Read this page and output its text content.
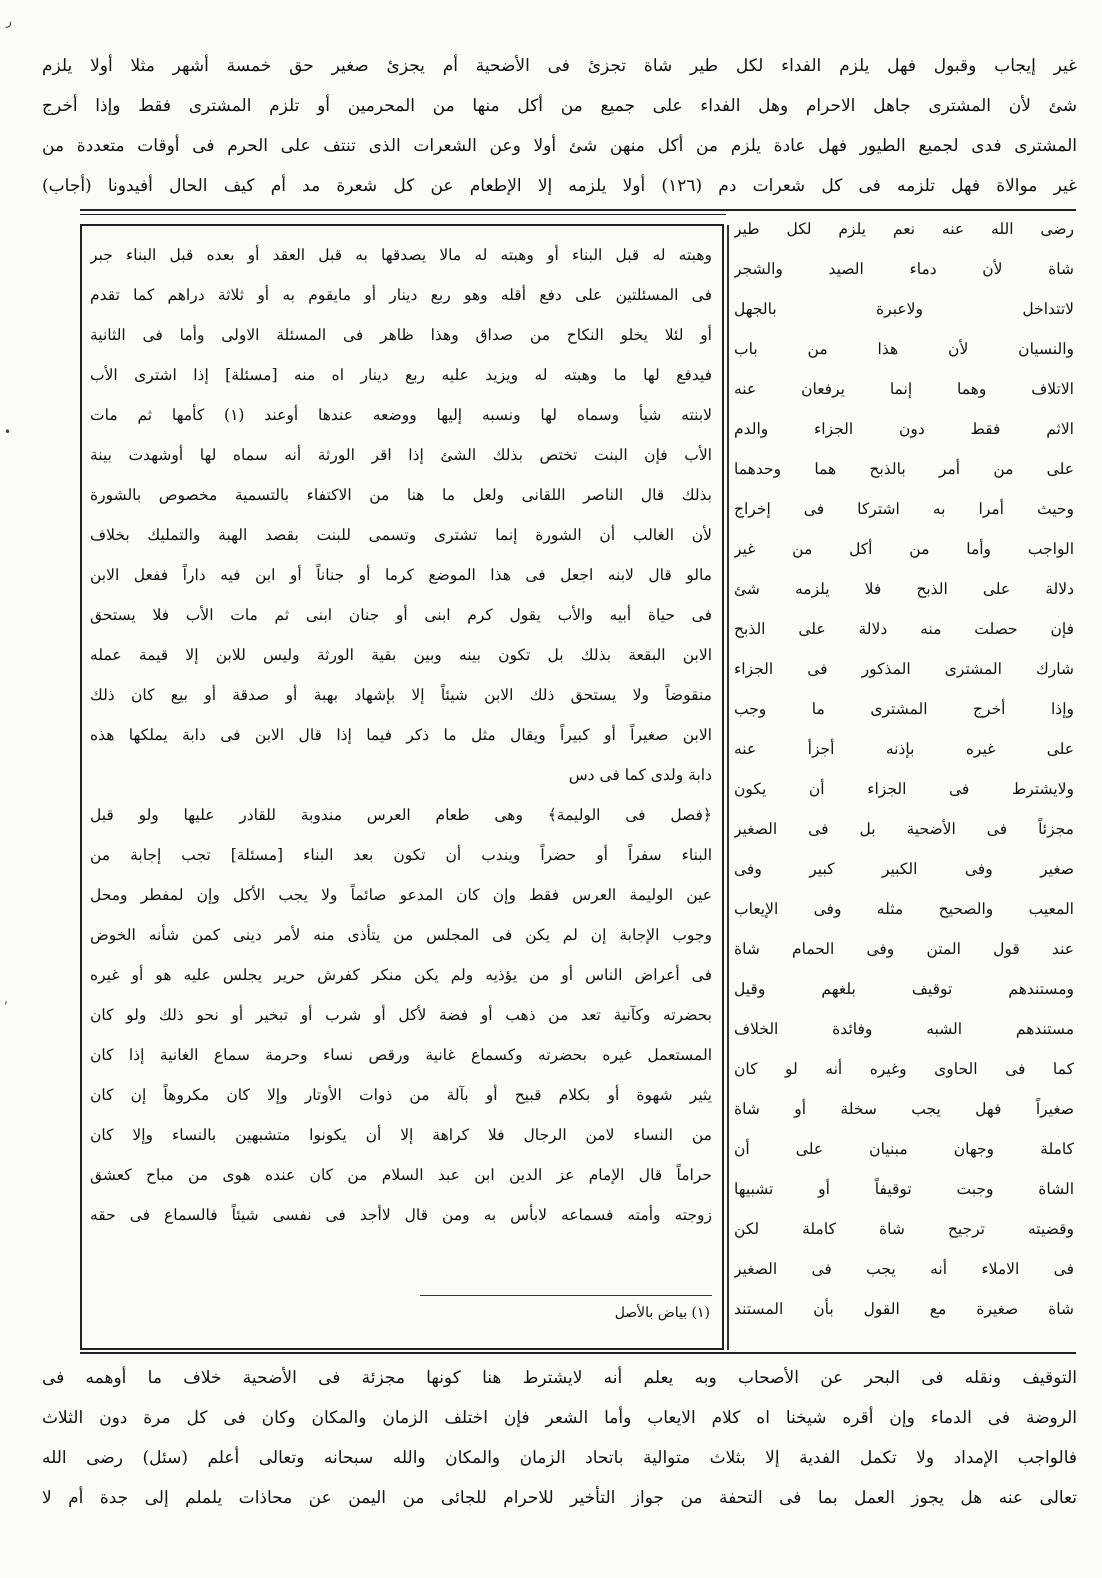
ر
•
‚
غير إيجاب وقبول فهل يلزم الفداء لكل طير شاة تجزئ فى الأضحية أم يجزئ صغير حق خمسة أشهر مثلا أولا يلزم
شئ لأن المشترى جاهل الاحرام وهل الفداء على جميع من أكل منها من المحرمين أو تلزم المشترى فقط وإذا أخرج
المشترى فدى لجميع الطيور فهل عادة يلزم من أكل منهن شئ أولا وعن الشعرات الذى تنتف على الحرم فى أوقات متعددة من
غير موالاة فهل تلزمه فى كل شعرات دم (١٢٦) أولا يلزمه إلا الإطعام عن كل شعرة مد أم كيف الحال أفيدونا (أجاب)
رضى الله عنه نعم يلزم لكل طير
شاة لأن دماء الصيد والشجر
لاتتداخل ولاعبرة بالجهل
والنسيان لأن هذا من باب
الاتلاف وهما إنما يرفعان عنه
الاثم فقط دون الجزاء والدم
على من أمر بالذبح هما وحدهما
وحيث أمرا به اشتركا فى إخراج
الواجب وأما من أكل من غير
دلالة على الذبح فلا يلزمه شئ
فإن حصلت منه دلالة على الذبح
شارك المشترى المذكور فى الجزاء
وإذا أخرج المشترى ما وجب
على غيره بإذنه أجزأ عنه
ولايشترط فى الجزاء أن يكون
مجزئاً فى الأضحية بل فى الصغير
صغير وفى الكبير كبير وفى
المعيب والصحيح مثله وفى الإيعاب
عند قول المتن وفى الحمام شاة
ومستندهم توقيف بلغهم وقيل
مستندهم الشبه وفائدة الخلاف
كما فى الحاوى وغيره أنه لو كان
صغيراً فهل يجب سخلة أو شاة
كاملة وجهان مبنيان على أن
الشاة وجبت توقيفاً أو تشبيها
وقضيته ترجيح شاة كاملة لكن
فى الاملاء أنه يجب فى الصغير
شاة صغيرة مع القول بأن المستند
وهبته له قبل البناء أو وهبته له مالا يصدقها به قبل العقد أو بعده قبل البناء جبر
فى المسئلتين على دفع أقله وهو ربع دينار أو مايقوم به أو ثلاثة دراهم كما تقدم
أو لئلا يخلو النكاح من صداق وهذا ظاهر فى المسئلة الاولى وأما فى الثانية
فيدفع لها ما وهبته له ويزيد عليه ربع دينار اه منه [مسئلة] إذا اشترى الأب
لابنته شيأ وسماه لها ونسبه إليها ووضعه عندها أوعند (١) كأمها ثم مات
الأب فإن البنت تختص بذلك الشئ إذا اقر الورثة أنه سماه لها أوشهدت بينة
بذلك قال الناصر اللقانى ولعل ما هنا من الاكتفاء بالتسمية مخصوص بالشورة
لأن الغالب أن الشورة إنما تشترى وتسمى للبنت بقصد الهبة والتمليك بخلاف
مالو قال لابنه اجعل فى هذا الموضع كرما أو جناناً أو ابن فيه داراً ففعل الابن
فى حياة أبيه والأب يقول كرم ابنى أو جنان ابنى ثم مات الأب فلا يستحق
الابن البقعة بذلك بل تكون بينه وبين بقية الورثة وليس للابن إلا قيمة عمله
منقوضاً ولا يستحق ذلك الابن شيئاً إلا بإشهاد بهبة أو صدقة أو بيع كان ذلك
الابن صغيراً أو كبيراً ويقال مثل ما ذكر فيما إذا قال الابن فى دابة يملكها هذه
دابة ولدى كما فى دس
﴿فصل فى الوليمة﴾ وهى طعام العرس مندوبة للقادر عليها ولو قبل
البناء سفراً أو حضراً ويندب أن تكون بعد البناء [مسئلة] تجب إجابة من
عين الوليمة العرس فقط وإن كان المدعو صائماً ولا يجب الأكل وإن لمفطر ومحل
وجوب الإجابة إن لم يكن فى المجلس من يتأذى منه لأمر دينى كمن شأنه الخوض
فى أعراض الناس أو من يؤذيه ولم يكن منكر كفرش حرير يجلس عليه هو أو غيره
بحضرته وكآنية تعد من ذهب أو فضة لأكل أو شرب أو تبخير أو نحو ذلك ولو كان
المستعمل غيره بحضرته وكسماع غانية ورقص نساء وحرمة سماع الغانية إذا كان
يثير شهوة أو بكلام قبيح أو بآلة من ذوات الأوتار وإلا كان مكروهاً إن كان
من النساء لامن الرجال فلا كراهة إلا أن يكونوا متشبهين بالنساء وإلا كان
حراماً قال الإمام عز الدين ابن عبد السلام من كان عنده هوى من مباح كعشق
زوجته وأمته فسماعه لابأس به ومن قال لاأجد فى نفسى شيئاً فالسماع فى حقه
(١) بياض بالأصل
التوقيف ونقله فى البحر عن الأصحاب وبه يعلم أنه لايشترط هنا كونها مجزئة فى الأضحية خلاف ما أوهمه فى
الروضة فى الدماء وإن أقره شيخنا اه كلام الايعاب وأما الشعر فإن اختلف الزمان والمكان وكان فى كل مرة دون الثلاث
فالواجب الإمداد ولا تكمل الفدية إلا بثلاث متوالية باتحاد الزمان والمكان والله سبحانه وتعالى أعلم (سئل) رضى الله
تعالى عنه هل يجوز العمل بما فى التحفة من جواز التأخير للاحرام للجائى من اليمن عن محاذات يلملم إلى جدة أم لا
